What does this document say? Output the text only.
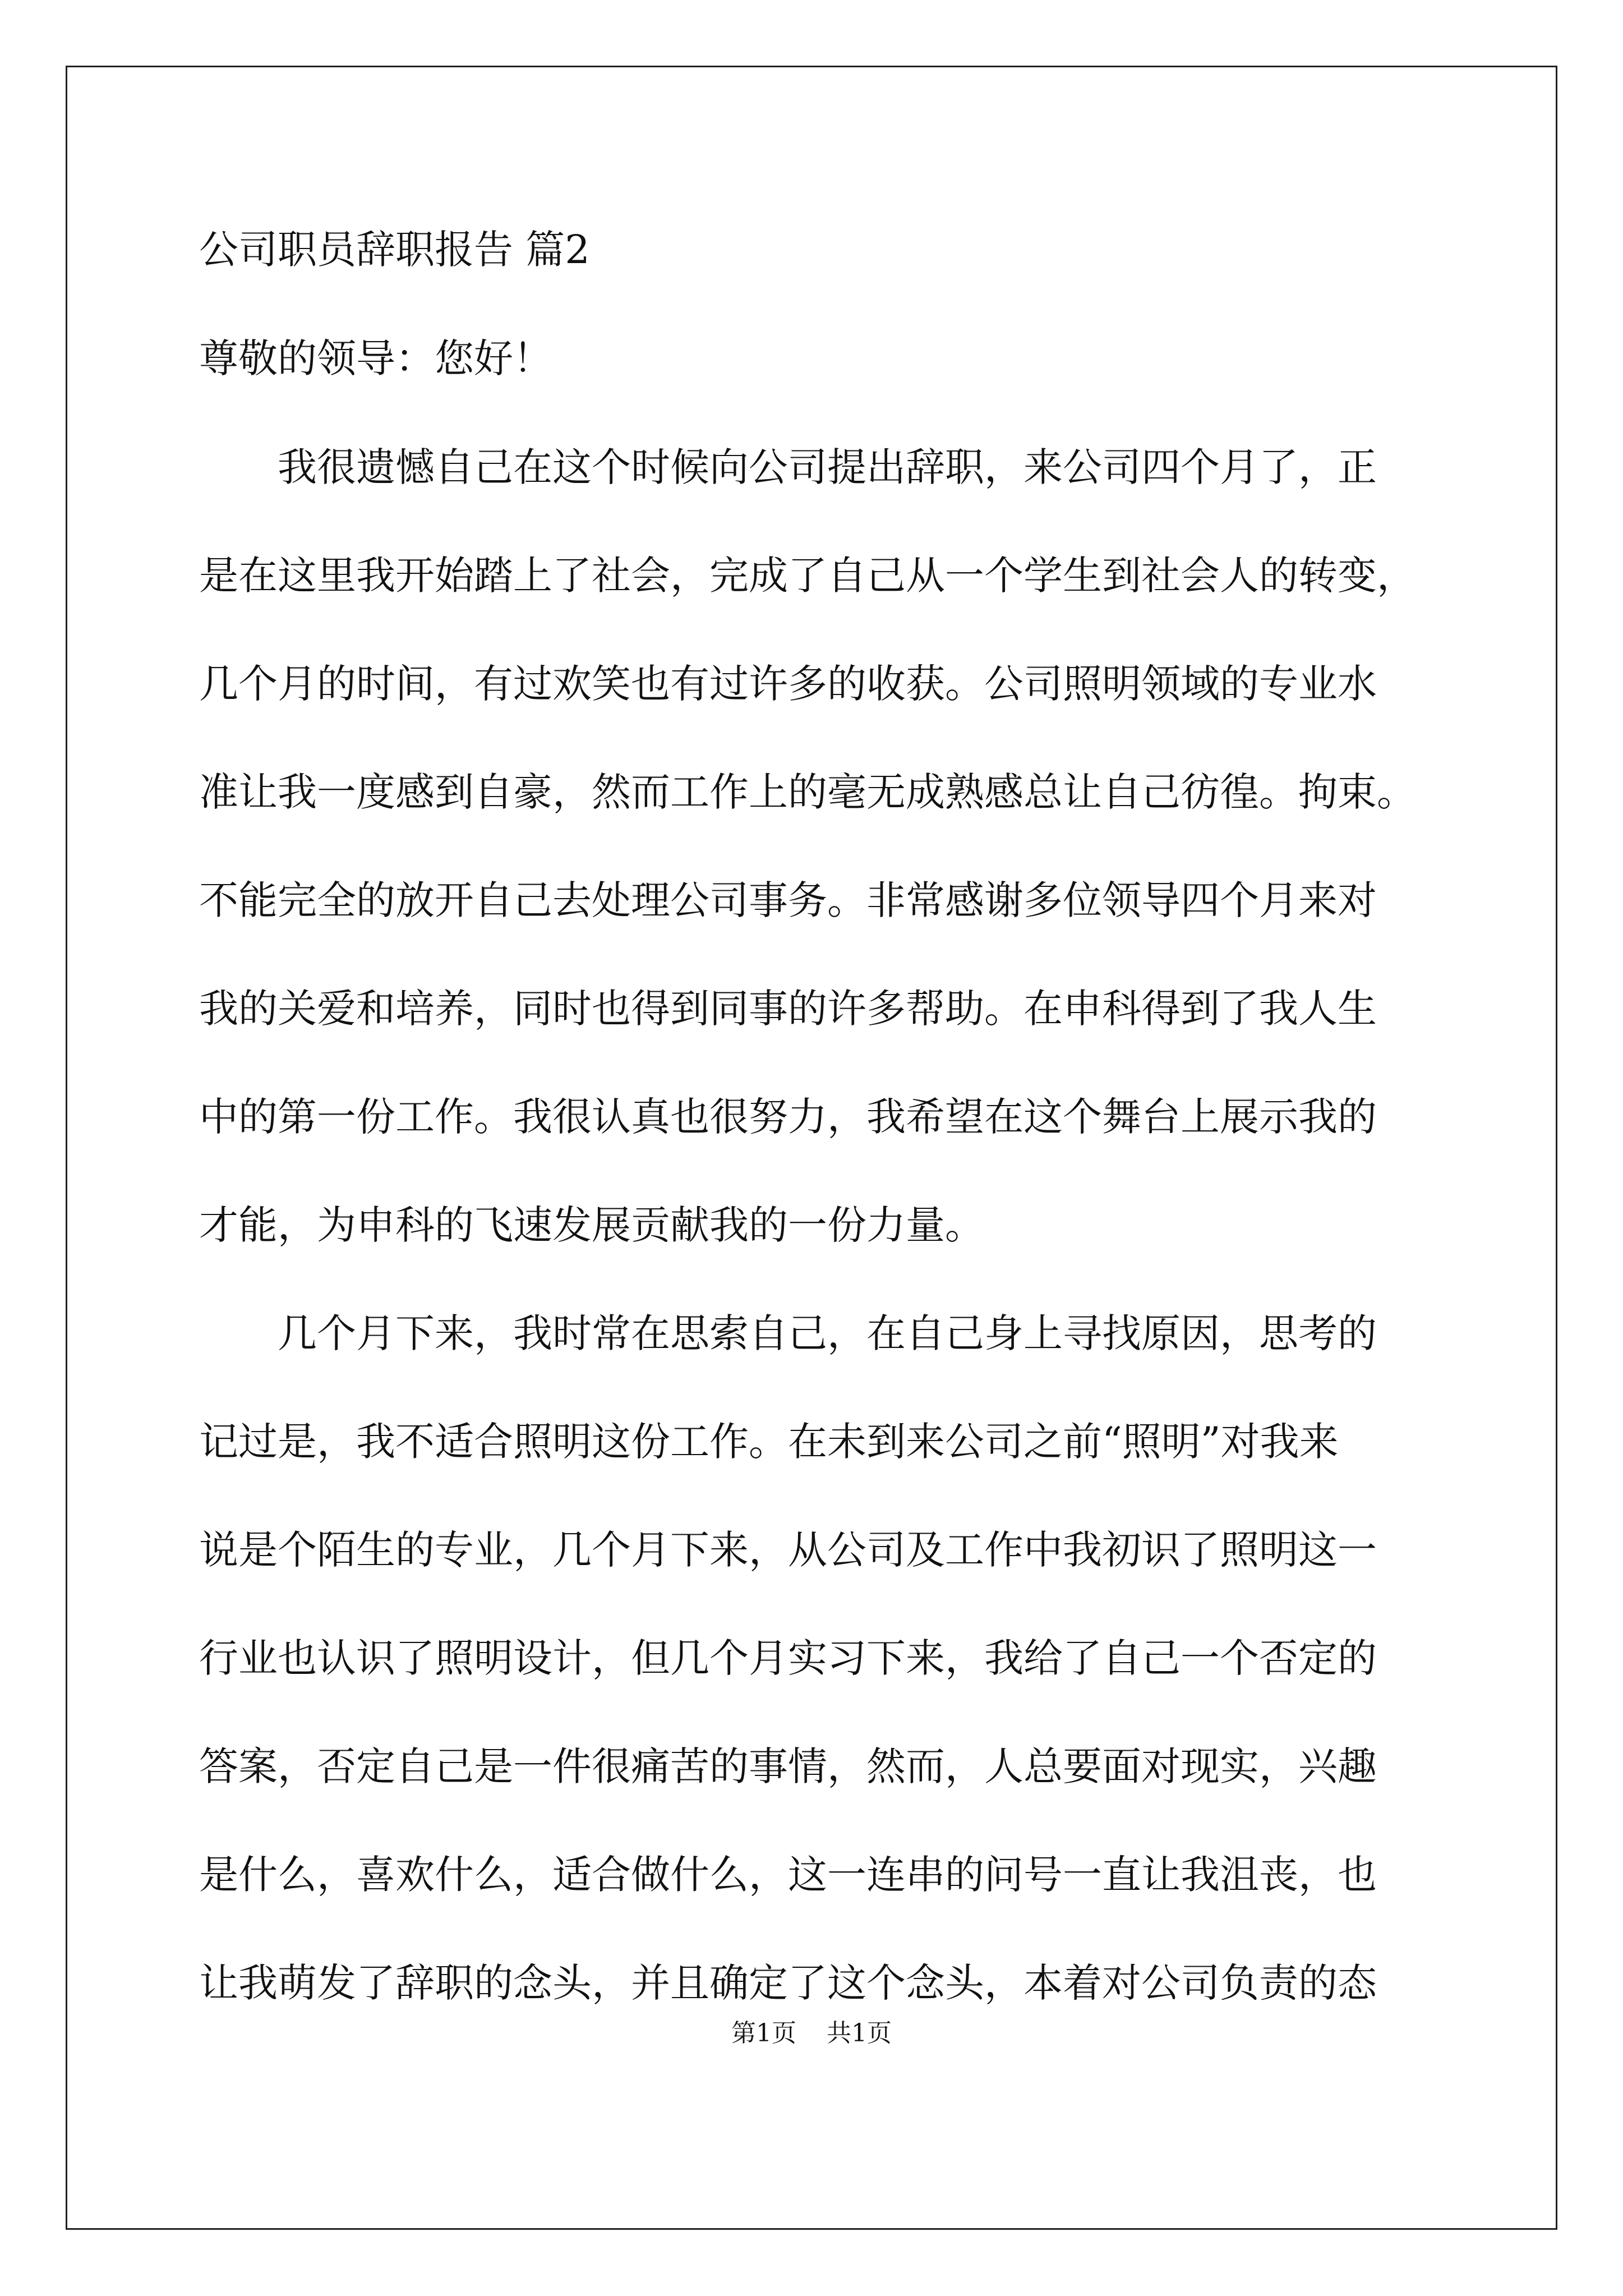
公司职员辞职报告 篇2
尊敬的领导：您好！
我很遗憾自己在这个时候向公司提出辞职，来公司四个月了，正
是在这里我开始踏上了社会，完成了自己从一个学生到社会人的转变，
几个月的时间，有过欢笑也有过许多的收获。公司照明领域的专业水
准让我一度感到自豪，然而工作上的毫无成熟感总让自己彷徨。拘束。
不能完全的放开自己去处理公司事务。非常感谢多位领导四个月来对
我的关爱和培养，同时也得到同事的许多帮助。在申科得到了我人生
中的第一份工作。我很认真也很努力，我希望在这个舞台上展示我的
才能，为申科的飞速发展贡献我的一份力量。
几个月下来，我时常在思索自己，在自己身上寻找原因，思考的
记过是，我不适合照明这份工作。在未到来公司之前“照明”对我来
说是个陌生的专业，几个月下来，从公司及工作中我初识了照明这一
行业也认识了照明设计，但几个月实习下来，我给了自己一个否定的
答案，否定自己是一件很痛苦的事情，然而，人总要面对现实，兴趣
是什么，喜欢什么，适合做什么，这一连串的问号一直让我沮丧，也
让我萌发了辞职的念头，并且确定了这个念头，本着对公司负责的态
第1页 共1页
